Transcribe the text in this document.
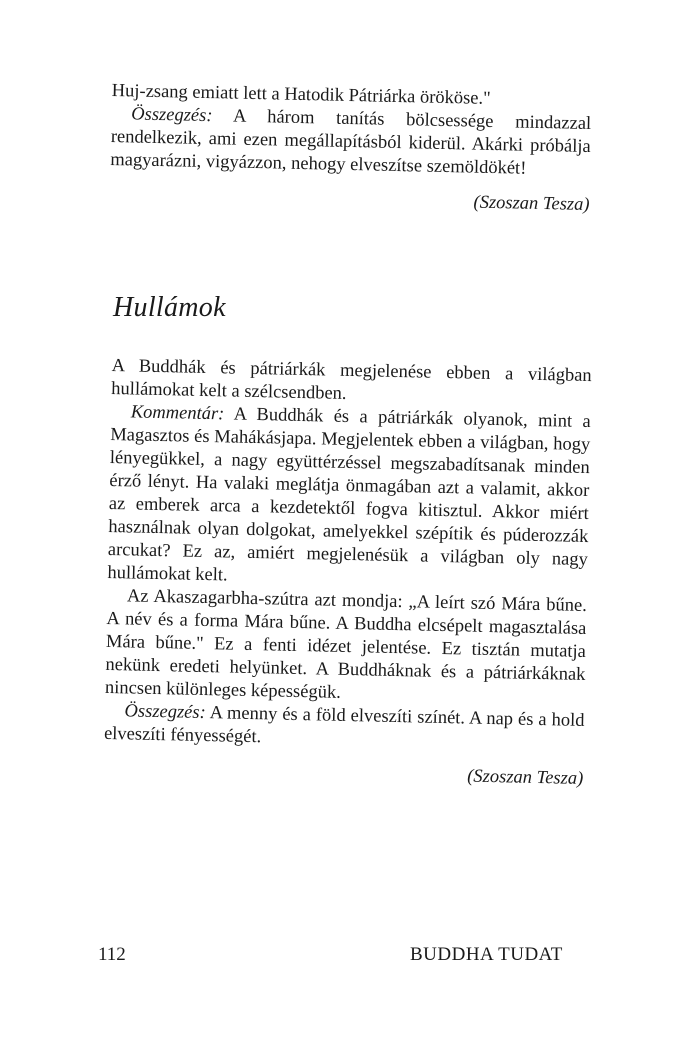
Huj-zsang emiatt lett a Hatodik Pátriárka örököse."

Összegzés: A három tanítás bölcsessége mindazzal rendelkezik, ami ezen megállapításból kiderül. Akárki próbálja magyarázni, vigyázzon, nehogy elveszítse szemöldökét!

(Szoszan Tesza)

Hullámok

A Buddhák és pátriárkák megjelenése ebben a világban hullámokat kelt a szélcsendben.

Kommentár: A Buddhák és a pátriárkák olyanok, mint a Magasztos és Mahákásjapa. Megjelentek ebben a világban, hogy lényegükkel, a nagy együttérzéssel megszabadítsanak minden érző lényt. Ha valaki meglátja önmagában azt a valamit, akkor az emberek arca a kezdetektől fogva kitisztul. Akkor miért használnak olyan dolgokat, amelyekkel szépítik és púderozzák arcukat? Ez az, amiért megjelenésük a világban oly nagy hullámokat kelt.

Az Akaszagarbha-szútra azt mondja: „A leírt szó Mára bűne. A név és a forma Mára bűne. A Buddha elcsépelt magasztalása Mára bűne." Ez a fenti idézet jelentése. Ez tisztán mutatja nekünk eredeti helyünket. A Buddháknak és a pátriárkáknak nincsen különleges képességük.

Összegzés: A menny és a föld elveszíti színét. A nap és a hold elveszíti fényességét.

(Szoszan Tesza)

112	BUDDHA TUDAT
